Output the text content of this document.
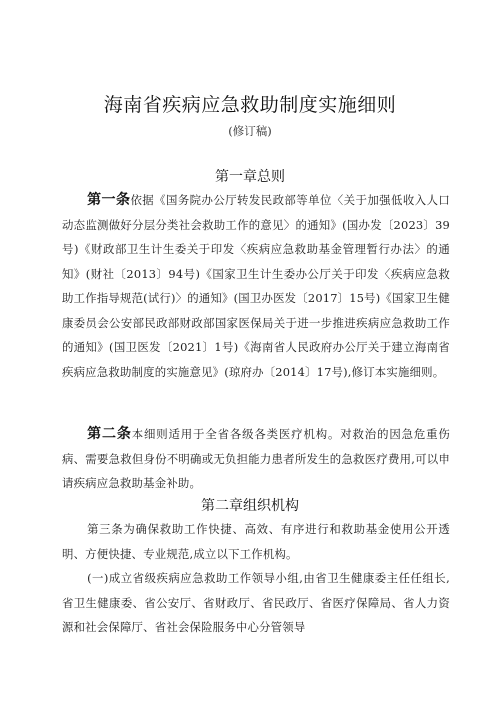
海南省疾病应急救助制度实施细则
(修订稿)
第一章总则

第一条依据《国务院办公厅转发民政部等单位〈关于加强低收入人口动态监测做好分层分类社会救助工作的意见〉的通知》(国办发〔2023〕39号)《财政部卫生计生委关于印发〈疾病应急救助基金管理暂行办法〉的通知》(财社〔2013〕94号)《国家卫生计生委办公厅关于印发〈疾病应急救助工作指导规范(试行)〉的通知》(国卫办医发〔2017〕15号)《国家卫生健康委员会公安部民政部财政部国家医保局关于进一步推进疾病应急救助工作的通知》(国卫医发〔2021〕1号)《海南省人民政府办公厅关于建立海南省疾病应急救助制度的实施意见》(琼府办〔2014〕17号),修订本实施细则。

第二条本细则适用于全省各级各类医疗机构。对救治的因急危重伤病、需要急救但身份不明确或无负担能力患者所发生的急救医疗费用,可以申请疾病应急救助基金补助。

第二章组织机构

第三条为确保救助工作快捷、高效、有序进行和救助基金使用公开透明、方便快捷、专业规范,成立以下工作机构。

(一)成立省级疾病应急救助工作领导小组,由省卫生健康委主任任组长,省卫生健康委、省公安厅、省财政厅、省民政厅、省医疗保障局、省人力资源和社会保障厅、省社会保险服务中心分管领导
